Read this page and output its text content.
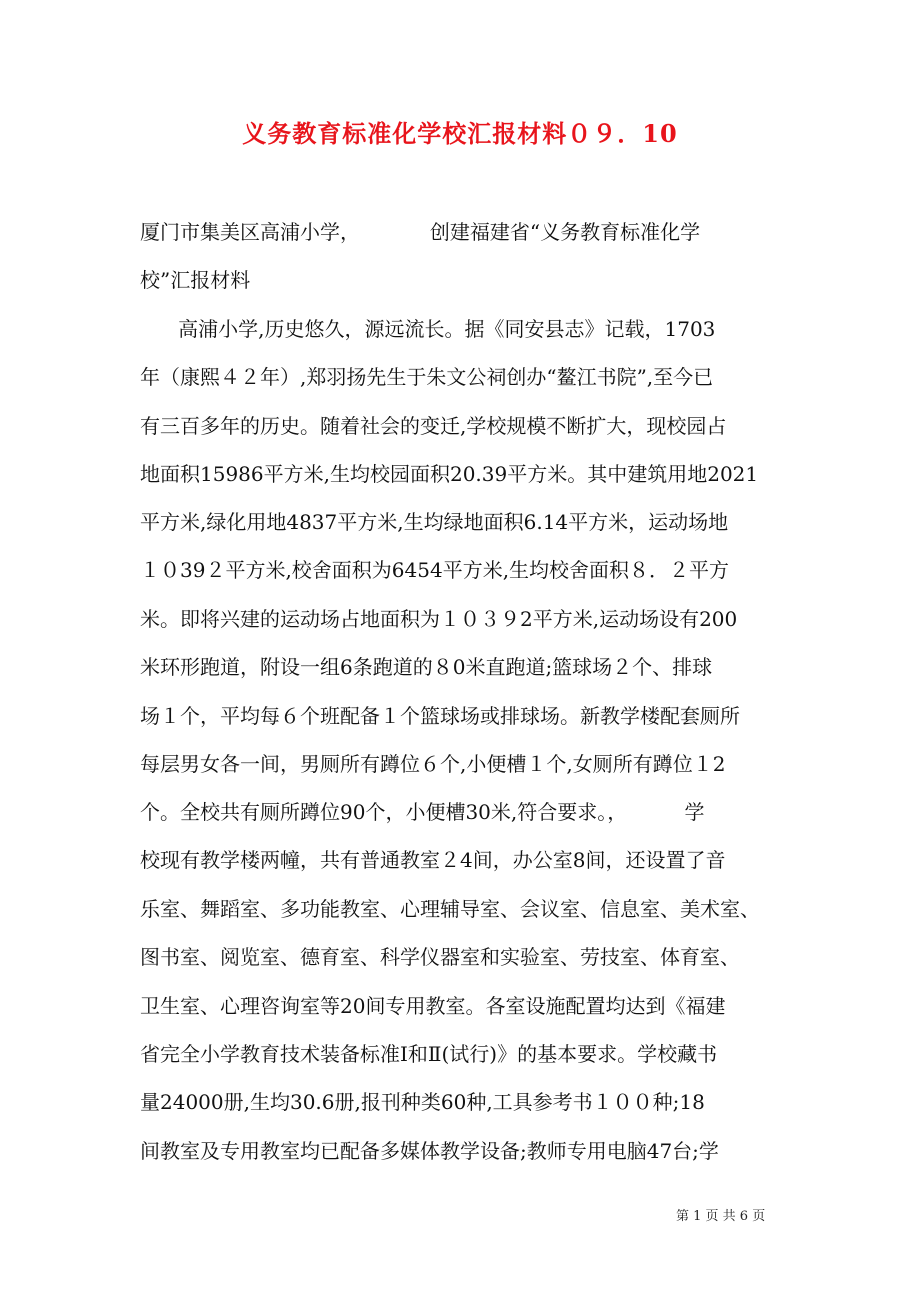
义务教育标准化学校汇报材料０９．10
厦门市集美区高浦小学，           创建福建省“义务教育标准化学
校”汇报材料
高浦小学,历史悠久，源远流长。据《同安县志》记载，1703
年（康熙４２年）,郑羽扬先生于朱文公祠创办“鳌江书院”,至今已
有三百多年的历史。随着社会的变迁,学校规模不断扩大，现校园占
地面积15986平方米,生均校园面积20.39平方米。其中建筑用地2021
平方米,绿化用地4837平方米,生均绿地面积6.14平方米，运动场地
１０39２平方米,校舍面积为6454平方米,生均校舍面积８．２平方
米。即将兴建的运动场占地面积为１０３９2平方米,运动场设有200
米环形跑道，附设一组6条跑道的８0米直跑道;篮球场２个、排球
场１个，平均每６个班配备１个篮球场或排球场。新教学楼配套厕所
每层男女各一间，男厕所有蹲位６个,小便槽１个,女厕所有蹲位１2
个。全校共有厕所蹲位90个，小便槽30米,符合要求。，         学
校现有教学楼两幢，共有普通教室２4间，办公室8间，还设置了音
乐室、舞蹈室、多功能教室、心理辅导室、会议室、信息室、美术室、
图书室、阅览室、德育室、科学仪器室和实验室、劳技室、体育室、
卫生室、心理咨询室等20间专用教室。各室设施配置均达到《福建
省完全小学教育技术装备标准Ⅰ和Ⅱ(试行)》的基本要求。学校藏书
量24000册,生均30.6册,报刊种类60种,工具参考书１００种;18
间教室及专用教室均已配备多媒体教学设备;教师专用电脑47台;学
第 1 页 共 6 页
